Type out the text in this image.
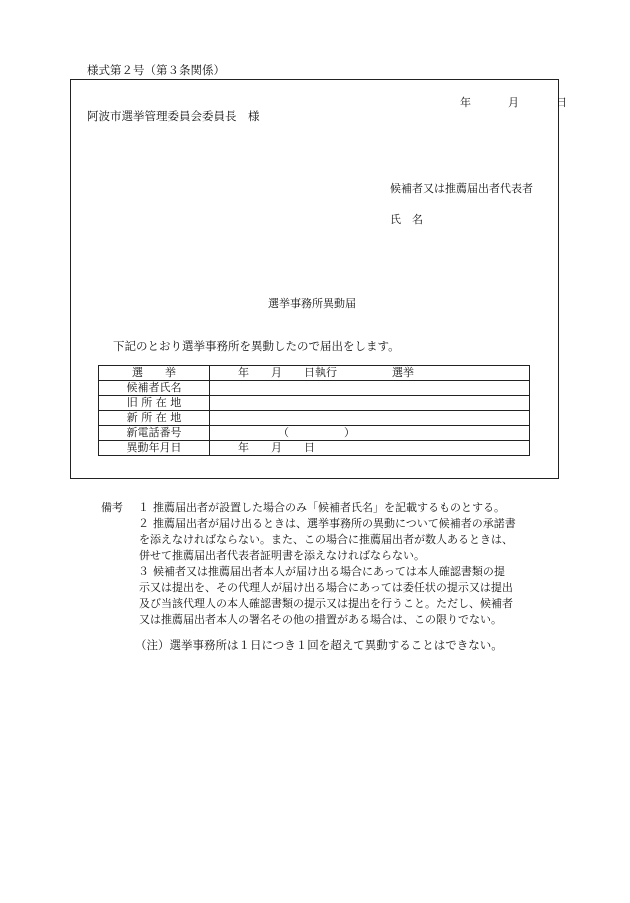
様式第２号（第３条関係）
年	月	日
阿波市選挙管理委員会委員長　様
候補者又は推薦届出者代表者
氏　名
選挙事務所異動届
下記のとおり選挙事務所を異動したので届出をします。
選　　挙	年　　月　　日執行　　　　　選挙
候補者氏名	
旧 所 在 地	
新 所 在 地	
新電話番号	（　　　　　）
異動年月日	年　　月　　日
備考 １ 推薦届出者が設置した場合のみ「候補者氏名」を記載するものとする。
２ 推薦届出者が届け出るときは、選挙事務所の異動について候補者の承諾書
を添えなければならない。また、この場合に推薦届出者が数人あるときは、
併せて推薦届出者代表者証明書を添えなければならない。
３ 候補者又は推薦届出者本人が届け出る場合にあっては本人確認書類の提
示又は提出を、その代理人が届け出る場合にあっては委任状の提示又は提出
及び当該代理人の本人確認書類の提示又は提出を行うこと。ただし、候補者
又は推薦届出者本人の署名その他の措置がある場合は、この限りでない。
（注）選挙事務所は１日につき１回を超えて異動することはできない。
